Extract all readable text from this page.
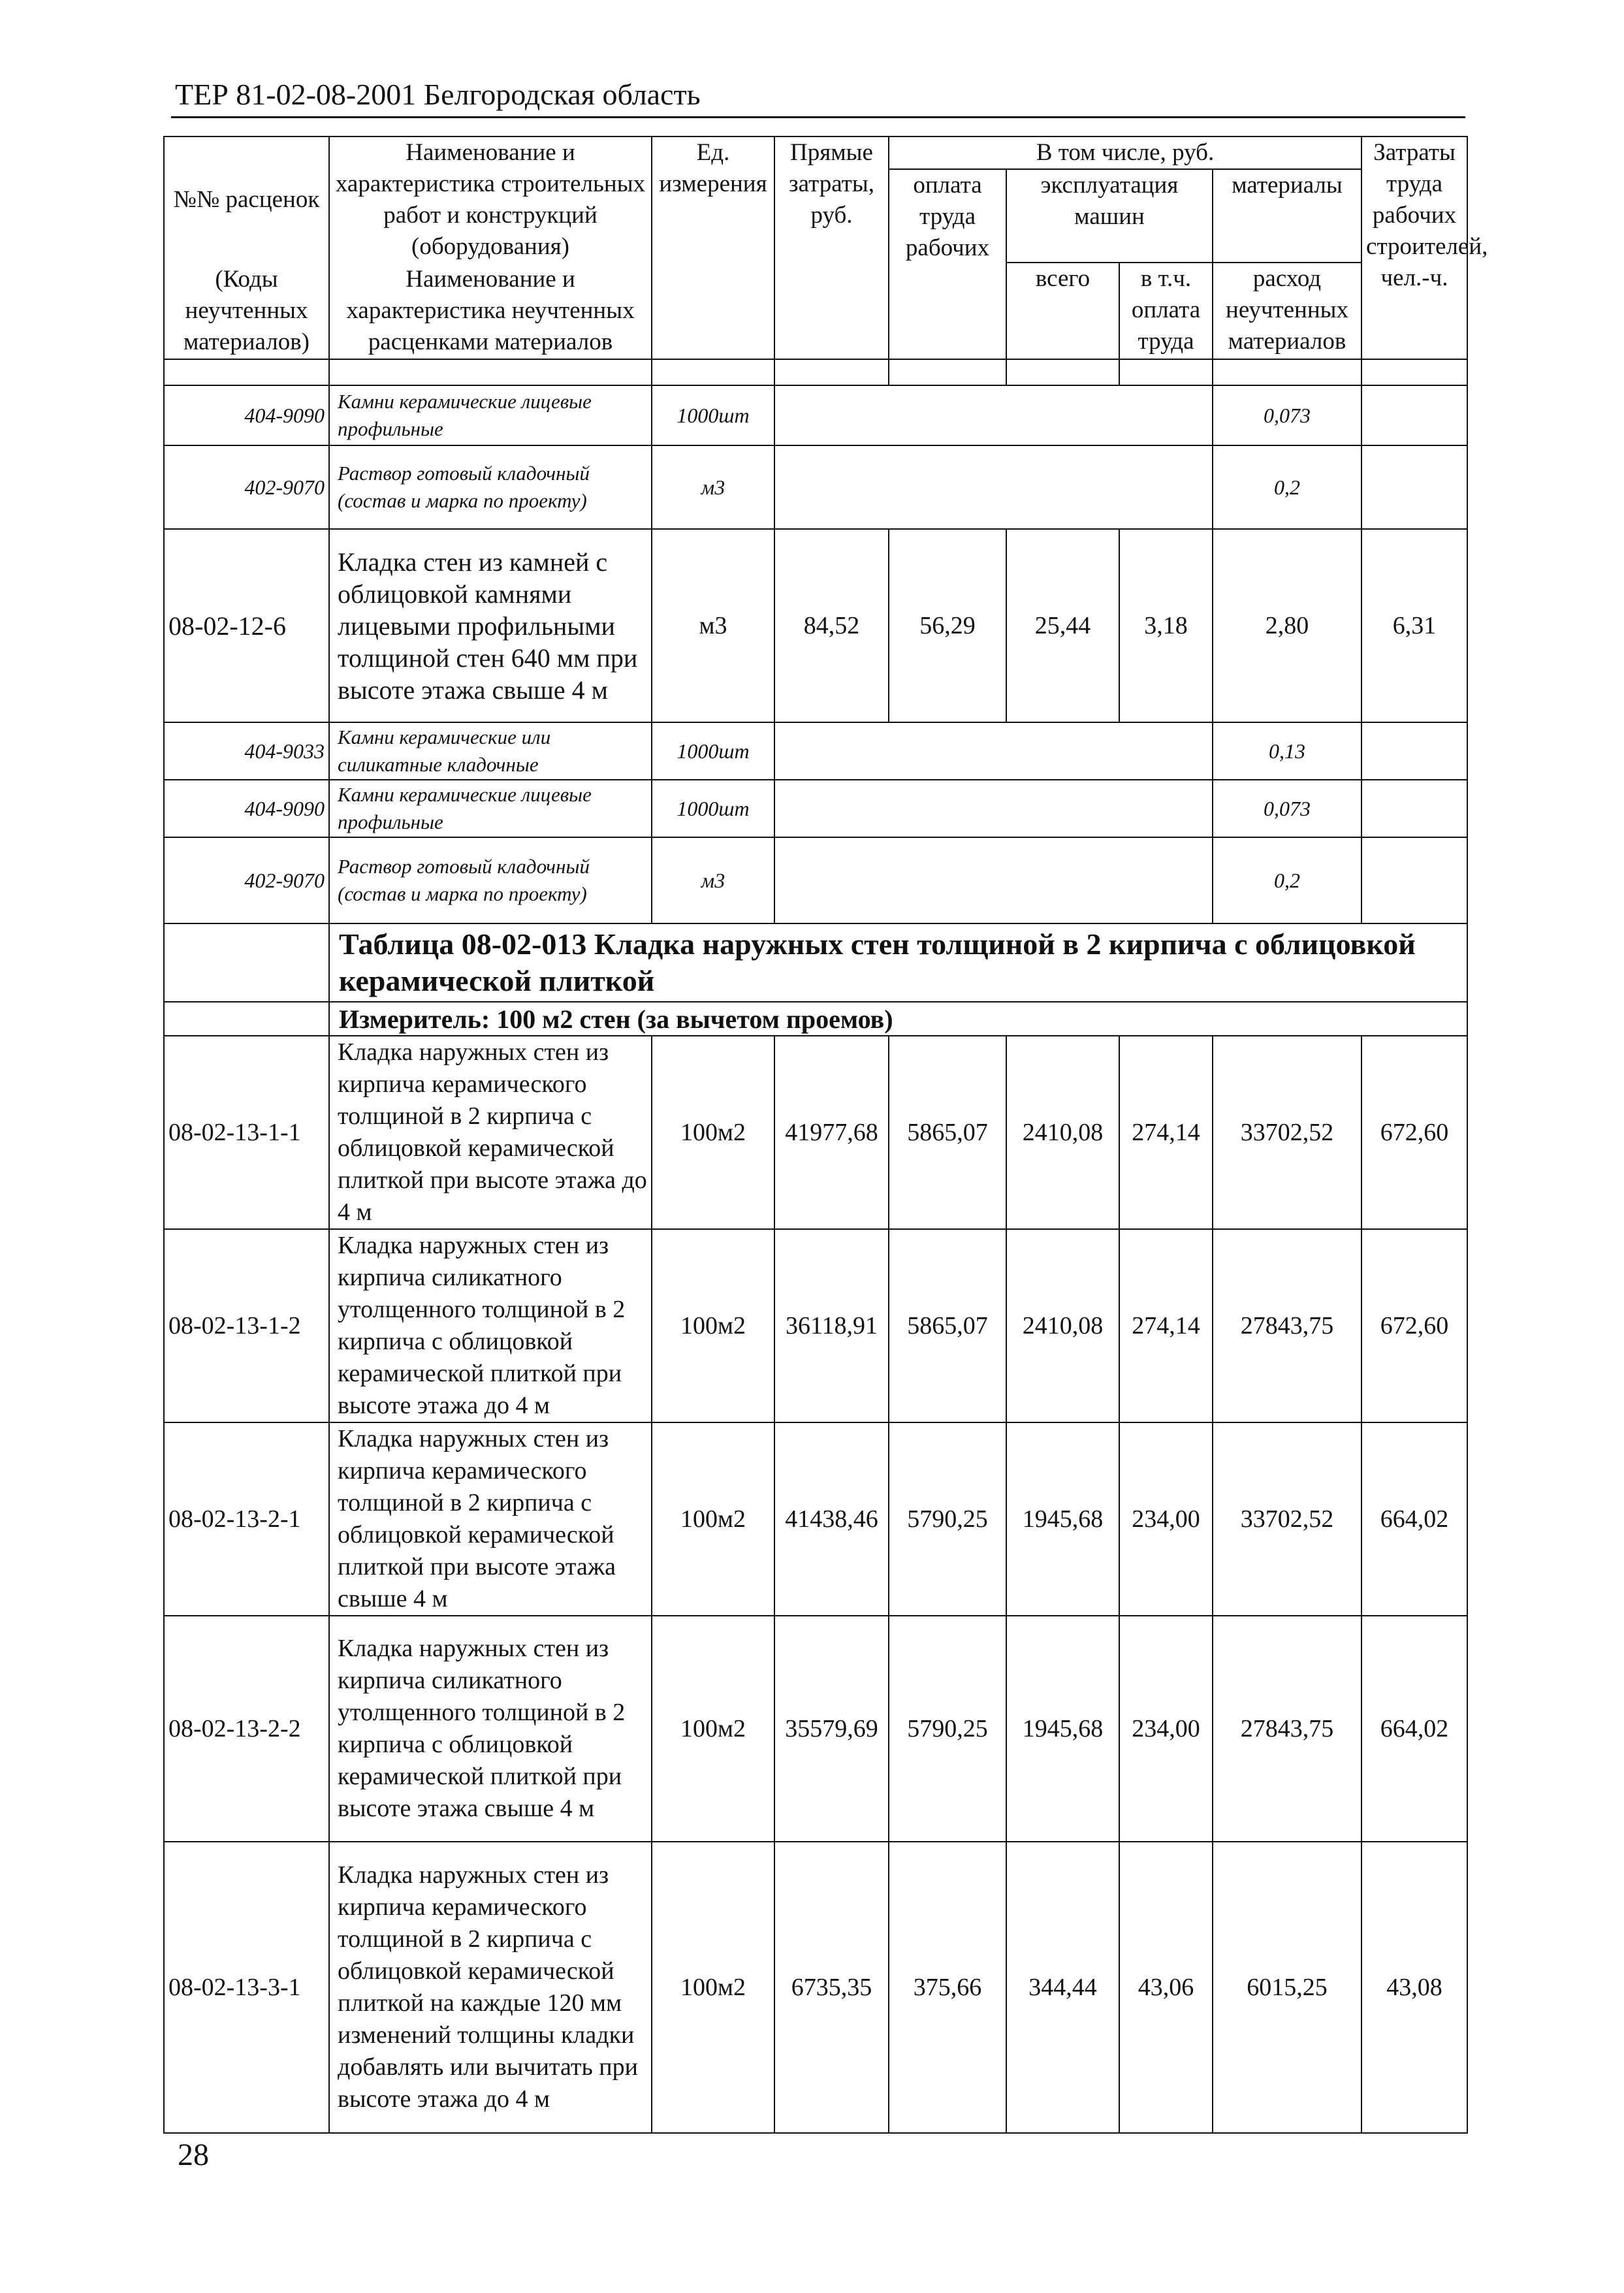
ТЕР 81-02-08-2001 Белгородская область
№№ расценок	Наименование и характеристика строительных работ и конструкций (оборудования)	Ед. измерения	Прямые затраты, руб.	В том числе, руб.				Затраты труда рабочих строителей, чел.-ч.
				оплата труда рабочих	эксплуатация машин		материалы	

(Коды неучтенных материалов)	Наименование и характеристика неучтенных расценками материалов				всего	в т.ч. оплата труда	расход неучтенных материалов	

404-9090	Камни керамические лицевые профильные	1000шт					0,073	
402-9070	Раствор готовый кладочный (состав и марка по проекту)	м3					0,2	
08-02-12-6	Кладка стен из камней с облицовкой камнями лицевыми профильными толщиной стен 640 мм при высоте этажа свыше 4 м	м3	84,52	56,29	25,44	3,18	2,80	6,31
404-9033	Камни керамические или силикатные кладочные	1000шт					0,13	
404-9090	Камни керамические лицевые профильные	1000шт					0,073	
402-9070	Раствор готовый кладочный (состав и марка по проекту)	м3					0,2	
	Таблица 08-02-013 Кладка наружных стен толщиной в 2 кирпича с облицовкой керамической плиткой							
	Измеритель: 100 м2 стен (за вычетом проемов)							
08-02-13-1-1	Кладка наружных стен из кирпича керамического толщиной в 2 кирпича с облицовкой керамической плиткой при высоте этажа до 4 м	100м2	41977,68	5865,07	2410,08	274,14	33702,52	672,60
08-02-13-1-2	Кладка наружных стен из кирпича силикатного утолщенного толщиной в 2 кирпича с облицовкой керамической плиткой при высоте этажа до 4 м	100м2	36118,91	5865,07	2410,08	274,14	27843,75	672,60
08-02-13-2-1	Кладка наружных стен из кирпича керамического толщиной в 2 кирпича с облицовкой керамической плиткой при высоте этажа свыше 4 м	100м2	41438,46	5790,25	1945,68	234,00	33702,52	664,02
08-02-13-2-2	Кладка наружных стен из кирпича силикатного утолщенного толщиной в 2 кирпича с облицовкой керамической плиткой при высоте этажа свыше 4 м	100м2	35579,69	5790,25	1945,68	234,00	27843,75	664,02
08-02-13-3-1	Кладка наружных стен из кирпича керамического толщиной в 2 кирпича с облицовкой керамической плиткой на каждые 120 мм изменений толщины кладки добавлять или вычитать при высоте этажа до 4 м	100м2	6735,35	375,66	344,44	43,06	6015,25	43,08
28
